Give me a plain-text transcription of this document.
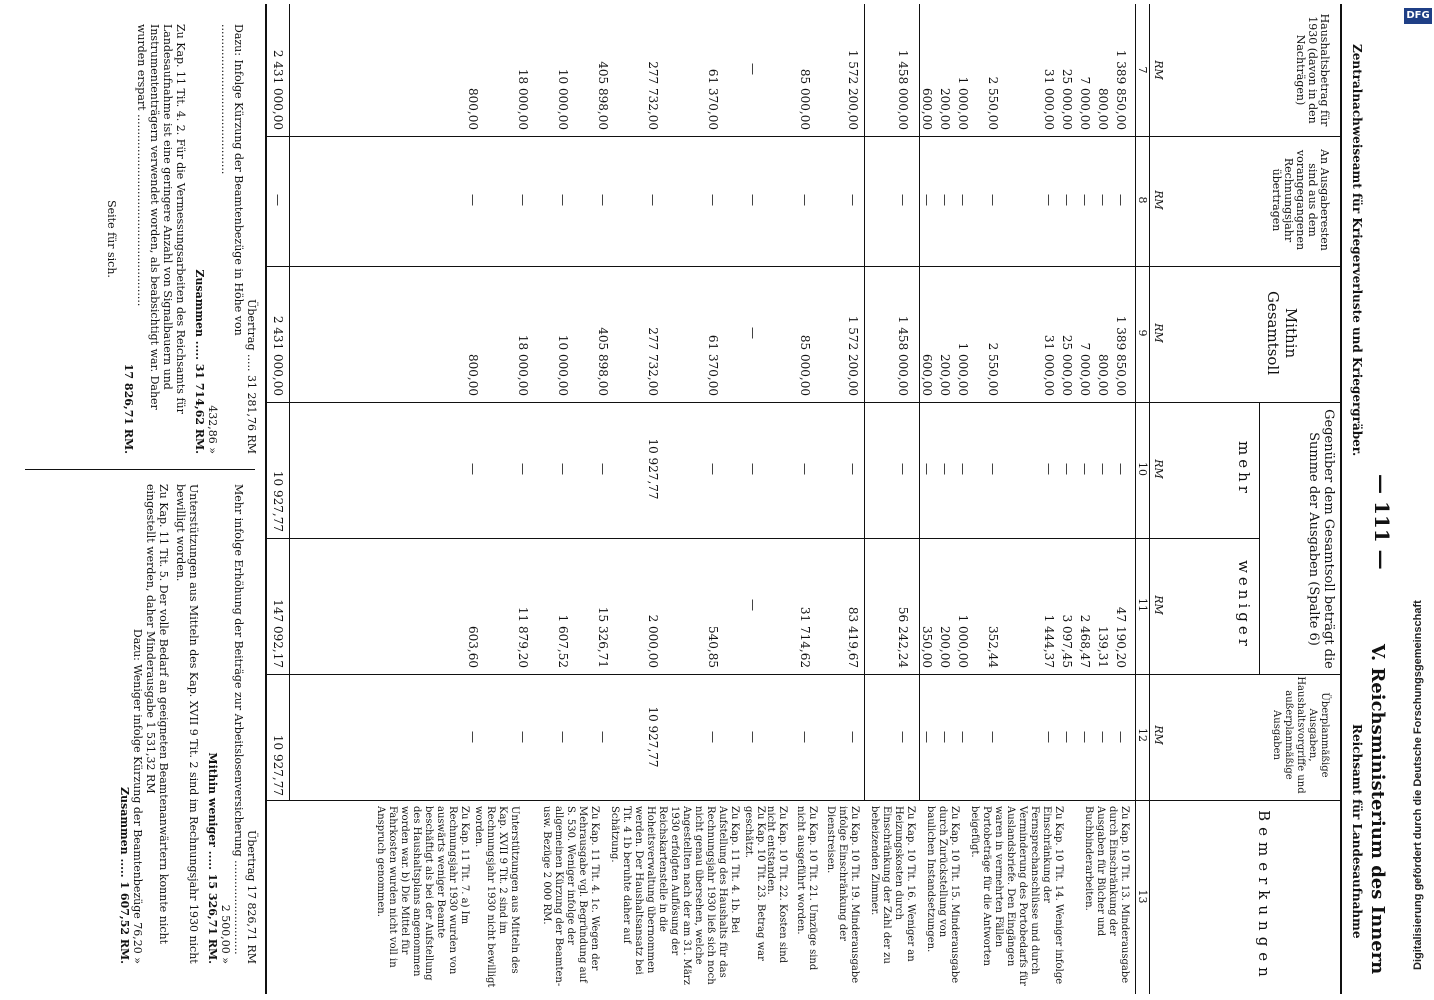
DFG
Digitalisierung gefördert durch die Deutsche Forschungsgemeinschaft
— 111 —
V. Reichsministerium des Innern
Zentralnachweiseamt für Kriegerverluste und Kriegergräber.
Reichsamt für Landesaufnahme
Haushaltsbetrag für 1930 (davon in den Nachträgen)
An Ausgaberesten sind aus dem vorangegangenen Rechnungsjahr übertragen
Mithin Gesamtsoll
Gegenüber dem Gesamtsoll beträgt die Summe der Ausgaben (Spalte 6)
mehr
weniger
Überplanmäßige Ausgaben, Haushaltsvorgriffe und außerplanmäßige Ausgaben
Bemerkungen
7
8
9
10
11
12
13
RM
RM
RM
RM
RM
RM
1 389 850,00
—
1 389 850,00
—
47 190,20
—
800,00
—
800,00
—
139,31
—
7 000,00
—
7 000,00
—
2 468,47
—
25 000,00
—
25 000,00
—
3 097,45
—
31 000,00
—
31 000,00
—
1 444,37
—
2 550,00
—
2 550,00
—
352,44
—
1 000,00
—
1 000,00
—
1 000,00
—
200,00
—
200,00
—
200,00
—
600,00
—
600,00
—
350,00
—
1 458 000,00
—
1 458 000,00
—
56 242,24
—
1 572 200,00
—
1 572 200,00
—
83 419,67
—
85 000,00
—
85 000,00
—
31 714,62
—
—
—
—
—
—
—
61 370,00
—
61 370,00
—
540,85
—
277 732,00
—
277 732,00
10 927,77
2 000,00
10 927,77
405 898,00
—
405 898,00
—
15 326,71
—
10 000,00
—
10 000,00
—
1 607,52
—
18 000,00
—
18 000,00
—
11 879,20
—
800,00
—
800,00
—
603,60
—
2 431 000,00
—
2 431 000,00
10 927,77
147 092,17
10 927,77
Zu Kap. 10 Tit. 13. Minderausgabe durch Einschränkung der Ausgaben für Bücher und Buchbinderarbeiten.
Zu Kap. 10 Tit. 14. Weniger infolge Einschränkung der Fernsprechanschlüsse und durch Verminderung des Portobedarfs für Auslandsbriefe. Den Eingängen waren in vermehrten Fällen Portobeträge für die Antworten beigefügt.
Zu Kap. 10 Tit. 15. Minderausgabe durch Zurückstellung von baulichen Instandsetzungen.
Zu Kap. 10 Tit. 16. Weniger an Heizungskosten durch Einschränkung der Zahl der zu beheizenden Zimmer.
Zu Kap. 10 Tit. 19. Minderausgabe infolge Einschränkung der Dienstreisen.
Zu Kap. 10 Tit. 21. Umzüge sind nicht ausgeführt worden.
Zu Kap. 10 Tit. 22. Kosten sind nicht entstanden.
Zu Kap. 10 Tit. 23. Betrag war geschätzt.
Zu Kap. 11 Tit. 4. 1b. Bei Aufstellung des Haushalts für das Rechnungsjahr 1930 ließ sich noch nicht genau übersehen, welche Angestellten nach der am 31. März 1930 erfolgten Auflösung der Reichskartenstelle in die Hoheitsverwaltung übernommen werden. Der Haushaltsansatz bei Tit. 4 1b beruhte daher auf Schätzung.
Zu Kap. 11 Tit. 4. 1c. Wegen der Mehrausgabe vgl. Begründung auf S. 530. Weniger infolge der allgemeinen Kürzung der Beamten- usw. Bezüge 2 000 RM.
Unterstützungen aus Mitteln des Kap. XVII 9 Tit. 2 sind im Rechnungsjahr 1930 nicht bewilligt worden.
Zu Kap. 11 Tit. 7. a) Im Rechnungsjahr 1930 wurden von auswärts weniger Beamte beschäftigt als bei der Aufstellung des Haushaltsplans angenommen worden war. b) Die Mittel für Fahrkosten wurden nicht voll in Anspruch genommen.
Übertrag ..... 31 281,76 RM
Dazu: Infolge Kürzung der Beamtenbezüge in Höhe von ...........................................
432,86 »
Zusammen ..... 31 714,62 RM.
Zu Kap. 11 Tit. 4. 2. Für die Vermessungsarbeiten des Reichsamts für Landesaufnahme ist eine geringere Anzahl von Signalbauern und Instrumententrägern verwendet worden, als beabsichtigt war. Daher wurden erspart .......................................................
17 826,71 RM.
Seite für sich.
Übertrag 17 826,71 RM
Mehr infolge Erhöhung der Beiträge zur Arbeitslosenversicherung ...........................
2 500,00 »
Mithin weniger ..... 15 326,71 RM.
Unterstützungen aus Mitteln des Kap. XVII 9 Tit. 2 sind im Rechnungsjahr 1930 nicht bewilligt worden.
Zu Kap. 11 Tit. 5. Der volle Bedarf an geeigneten Beamtenanwärtern konnte nicht eingestellt werden, daher Minderausgabe 1 531,32 RM
Dazu: Weniger infolge Kürzung der Beamtenbezüge 76,20 »
Zusammen ..... 1 607,52 RM.
